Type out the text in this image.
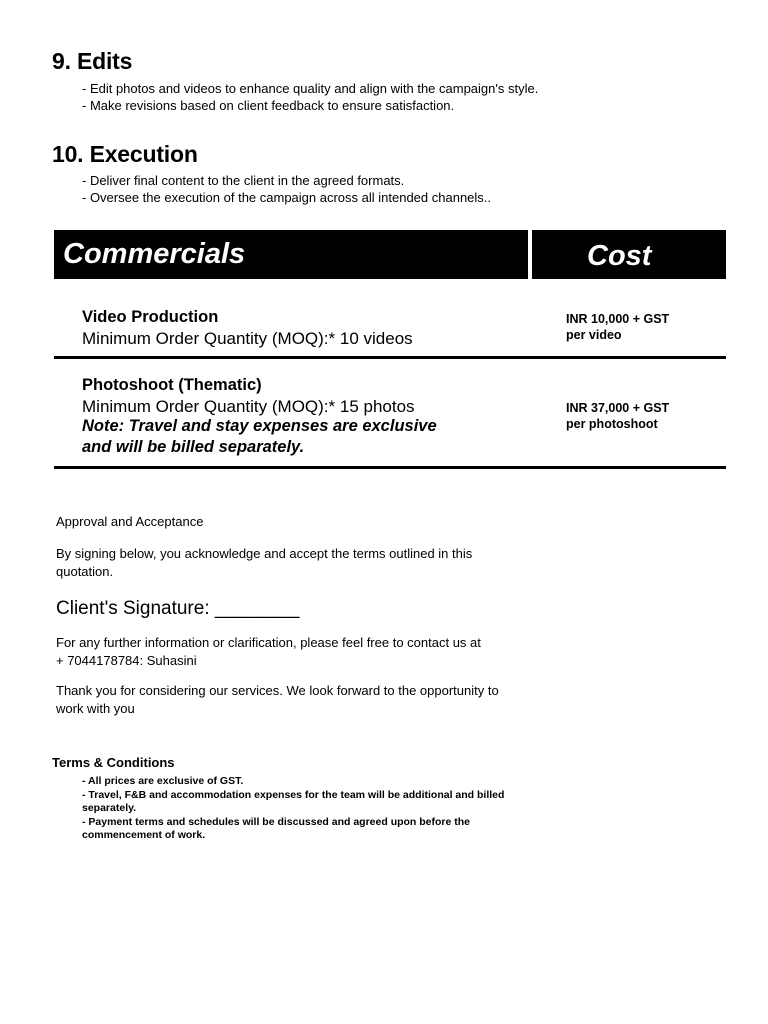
9. Edits
- Edit photos and videos to enhance quality and align with the campaign's style.
- Make revisions based on client feedback to ensure satisfaction.
10. Execution
- Deliver final content to the client in the agreed formats.
- Oversee the execution of the campaign across all intended channels..
Commercials	Cost
Video Production
Minimum Order Quantity (MOQ):* 10 videos
INR 10,000 + GST
per video
Photoshoot (Thematic)
Minimum Order Quantity (MOQ):* 15 photos
Note: Travel and stay expenses are exclusive
and will be billed separately.
INR 37,000 + GST
per photoshoot
Approval and Acceptance
By signing below, you acknowledge and accept the terms outlined in this
quotation.
Client's Signature: ________
For any further information or clarification, please feel free to contact us at
+ 7044178784: Suhasini
Thank you for considering our services. We look forward to the opportunity to
work with you
Terms & Conditions
- All prices are exclusive of GST.
- Travel, F&B and accommodation expenses for the team will be additional and billed
separately.
- Payment terms and schedules will be discussed and agreed upon before the
commencement of work.
